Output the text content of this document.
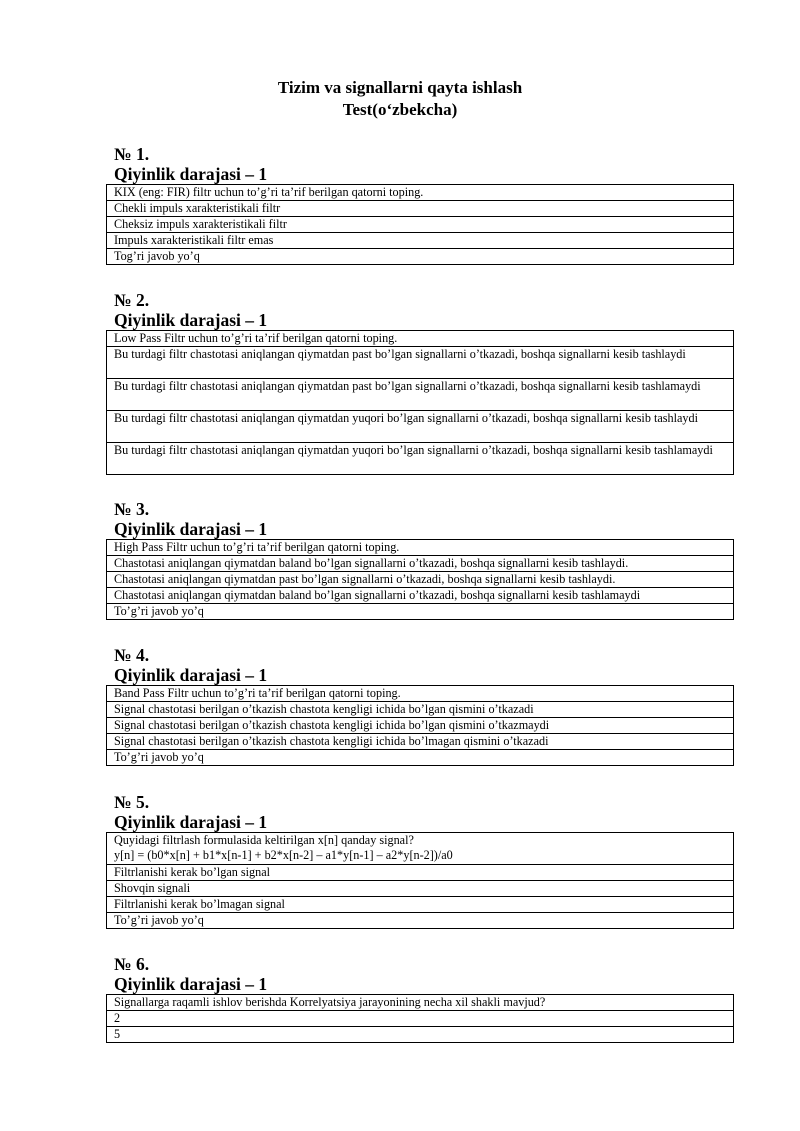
Tizim va signallarni qayta ishlash
Test(o‘zbekcha)
№ 1.
Qiyinlik darajasi – 1
KIX (eng: FIR) filtr uchun to’g’ri ta’rif berilgan qatorni toping.
Chekli impuls xarakteristikali filtr
Cheksiz impuls xarakteristikali filtr
Impuls xarakteristikali filtr emas
Tog’ri javob yo’q
№ 2.
Qiyinlik darajasi – 1
Low Pass Filtr uchun to’g’ri ta’rif berilgan qatorni toping.
Bu turdagi filtr chastotasi aniqlangan qiymatdan past bo’lgan signallarni o’tkazadi, boshqa signallarni kesib tashlaydi
Bu turdagi filtr chastotasi aniqlangan qiymatdan past bo’lgan signallarni o’tkazadi, boshqa signallarni kesib tashlamaydi
Bu turdagi filtr chastotasi aniqlangan qiymatdan yuqori bo’lgan signallarni o’tkazadi, boshqa signallarni kesib tashlaydi
Bu turdagi filtr chastotasi aniqlangan qiymatdan yuqori bo’lgan signallarni o’tkazadi, boshqa signallarni kesib tashlamaydi
№ 3.
Qiyinlik darajasi – 1
High Pass Filtr uchun to’g’ri ta’rif berilgan qatorni toping.
Chastotasi aniqlangan qiymatdan baland bo’lgan signallarni o’tkazadi, boshqa signallarni kesib tashlaydi.
Chastotasi aniqlangan qiymatdan past bo’lgan signallarni o’tkazadi, boshqa signallarni kesib tashlaydi.
Chastotasi aniqlangan qiymatdan baland bo’lgan signallarni o’tkazadi, boshqa signallarni kesib tashlamaydi
To’g’ri javob yo’q
№ 4.
Qiyinlik darajasi – 1
Band Pass Filtr uchun to’g’ri ta’rif berilgan qatorni toping.
Signal chastotasi berilgan o’tkazish chastota kengligi ichida bo’lgan qismini o’tkazadi
Signal chastotasi berilgan o’tkazish chastota kengligi ichida bo’lgan qismini o’tkazmaydi
Signal chastotasi berilgan o’tkazish chastota kengligi ichida bo’lmagan qismini o’tkazadi
To’g’ri javob yo’q
№ 5.
Qiyinlik darajasi – 1
Quyidagi filtrlash formulasida keltirilgan x[n] qanday signal?
y[n] = (b0*x[n] + b1*x[n-1] + b2*x[n-2] – a1*y[n-1] – a2*y[n-2])/a0

Filtrlanishi kerak bo’lgan signal
Shovqin signali
Filtrlanishi kerak bo’lmagan signal
To’g’ri javob yo’q
№ 6.
Qiyinlik darajasi – 1
Signallarga raqamli ishlov berishda Korrelyatsiya jarayonining necha xil shakli mavjud?
2
5
